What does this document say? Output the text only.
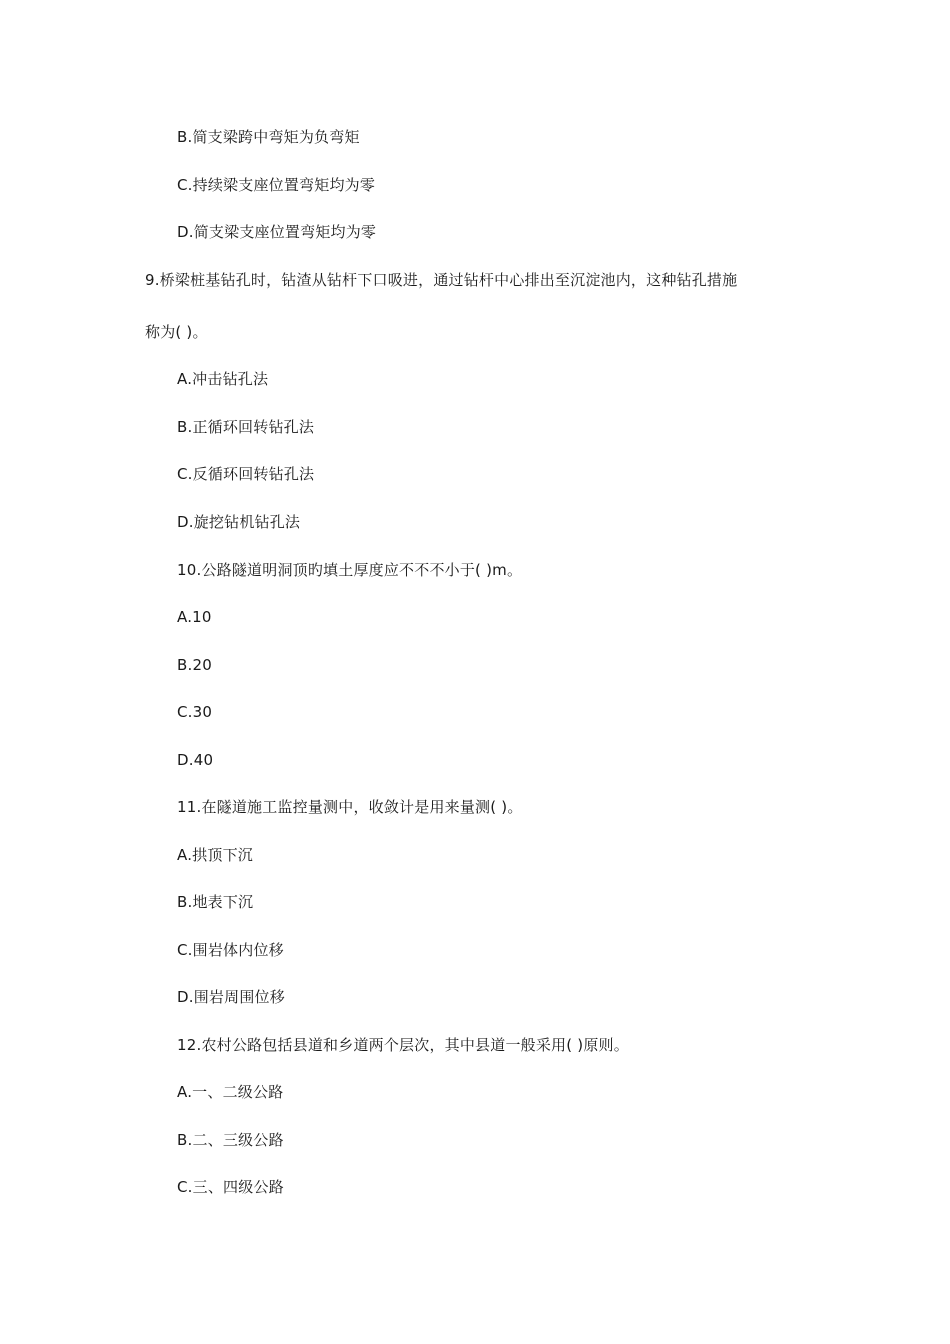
B.简支梁跨中弯矩为负弯矩
C.持续梁支座位置弯矩均为零
D.简支梁支座位置弯矩均为零
9.桥梁桩基钻孔时，钻渣从钻杆下口吸进，通过钻杆中心排出至沉淀池内，这种钻孔措施
称为( )。
A.冲击钻孔法
B.正循环回转钻孔法
C.反循环回转钻孔法
D.旋挖钻机钻孔法
10.公路隧道明洞顶旳填土厚度应不不不小于( )m。
A.10
B.20
C.30
D.40
11.在隧道施工监控量测中，收敛计是用来量测( )。
A.拱顶下沉
B.地表下沉
C.围岩体内位移
D.围岩周围位移
12.农村公路包括县道和乡道两个层次，其中县道一般采用( )原则。
A.一、二级公路
B.二、三级公路
C.三、四级公路
